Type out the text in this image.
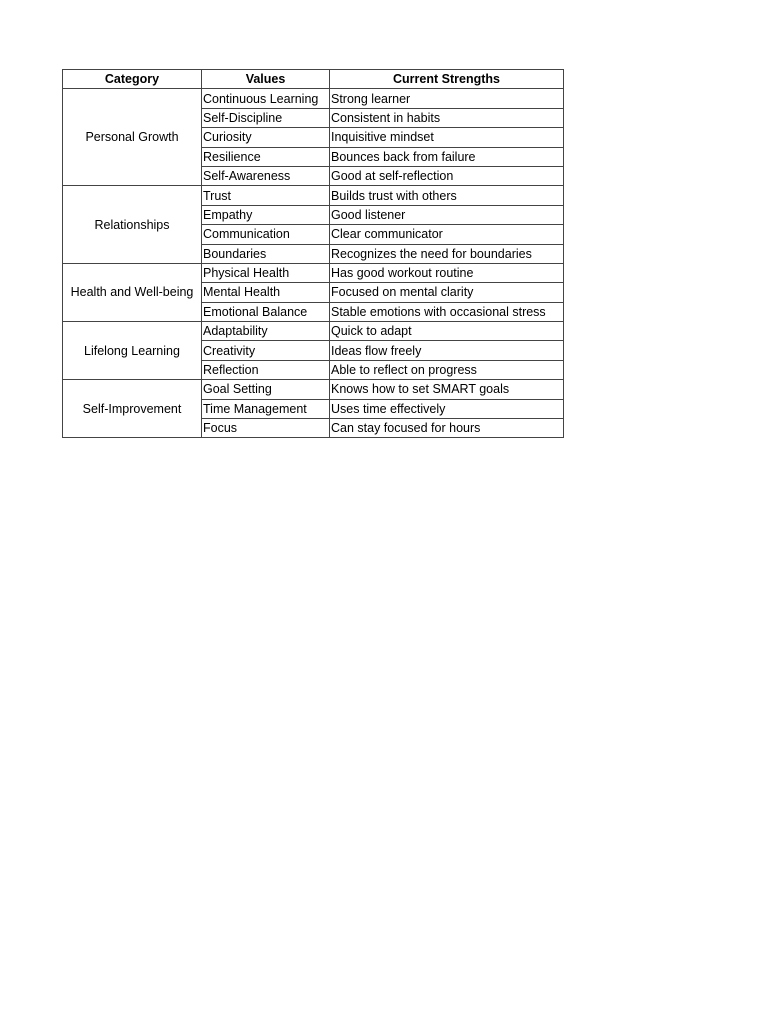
Category	Values	Current Strengths
Personal Growth	Continuous Learning	Strong learner
	Self-Discipline	Consistent in habits
	Curiosity	Inquisitive mindset
	Resilience	Bounces back from failure
	Self-Awareness	Good at self-reflection
Relationships	Trust	Builds trust with others
	Empathy	Good listener
	Communication	Clear communicator
	Boundaries	Recognizes the need for boundaries
Health and Well-being	Physical Health	Has good workout routine
	Mental Health	Focused on mental clarity
	Emotional Balance	Stable emotions with occasional stress
Lifelong Learning	Adaptability	Quick to adapt
	Creativity	Ideas flow freely
	Reflection	Able to reflect on progress
Self-Improvement	Goal Setting	Knows how to set SMART goals
	Time Management	Uses time effectively
	Focus	Can stay focused for hours
